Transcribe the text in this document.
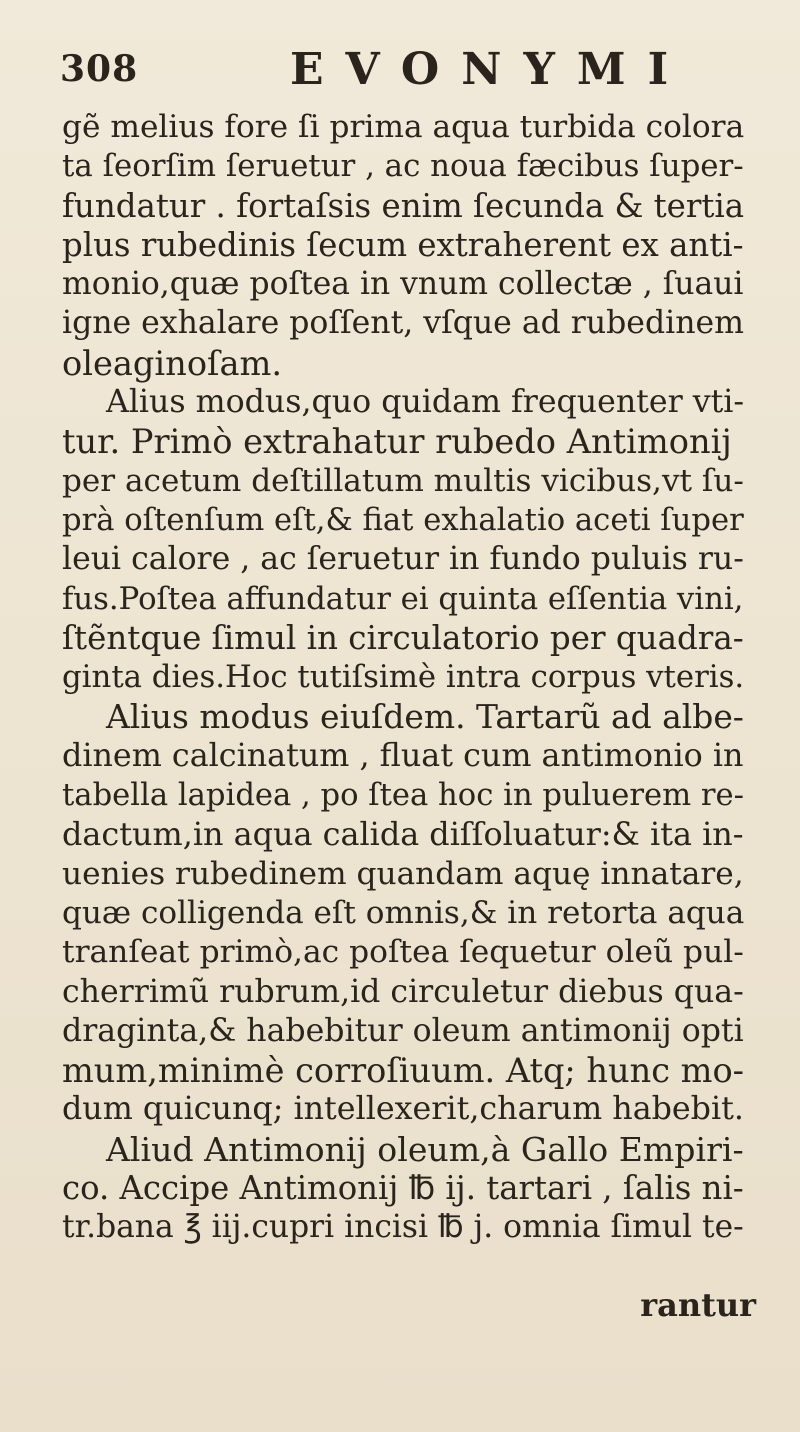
308	EVONYMI
gẽ melius fore ſi prima aqua turbida colora
ta ſeorſim ſeruetur , ac noua fæcibus ſuper-
fundatur . fortaſsis enim ſecunda & tertia
plus rubedinis ſecum extraherent ex anti-
monio,quæ poſtea in vnum collectæ , ſuaui
igne exhalare poſſent, vſque ad rubedinem
oleaginoſam.
Alius modus,quo quidam frequenter vti-
tur. Primò extrahatur rubedo Antimonij
per acetum deſtillatum multis vicibus,vt ſu-
prà oſtenſum eſt,& fiat exhalatio aceti ſuper
leui calore , ac ſeruetur in fundo puluis ru-
fus.Poſtea affundatur ei quinta eſſentia vini,
ſtẽntque ſimul in circulatorio per quadra-
ginta dies.Hoc tutiſsimè intra corpus vteris.
Alius modus eiuſdem. Tartarũ ad albe-
dinem calcinatum , fluat cum antimonio in
tabella lapidea , po ſtea hoc in puluerem re-
dactum,in aqua calida diſſoluatur:& ita in-
uenies rubedinem quandam aquę innatare,
quæ colligenda eſt omnis,& in retorta aqua
tranſeat primò,ac poſtea ſequetur oleũ pul-
cherrimũ rubrum,id circuletur diebus qua-
draginta,& habebitur oleum antimonij opti
mum,minimè corroſiuum. Atq; hunc mo-
dum quicunq; intellexerit,charum habebit.
Aliud Antimonij oleum,à Gallo Empiri-
co. Accipe Antimonij ℔ ij. tartari , ſalis ni-
tr.bana ℥ iij.cupri incisi ℔ j. omnia ſimul te-
rantur
